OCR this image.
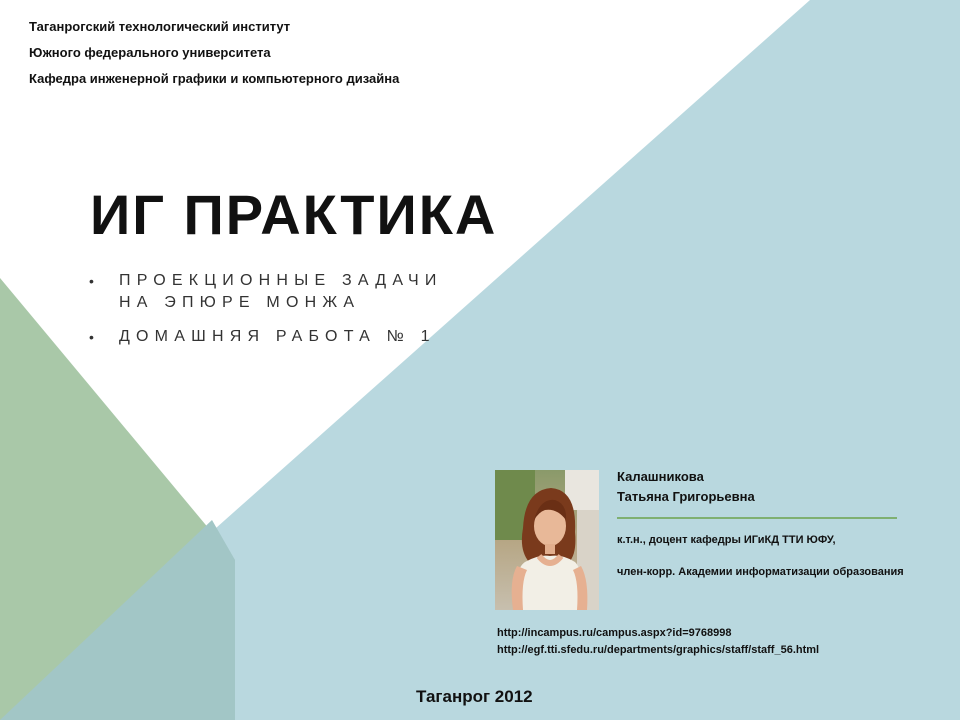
Таганрогский технологический институт
Южного федерального университета
Кафедра инженерной графики и компьютерного дизайна
ИГ ПРАКТИКА
• ПРОЕКЦИОННЫЕ ЗАДАЧИ НА ЭПЮРЕ МОНЖА
• ДОМАШНЯЯ РАБОТА № 1
Калашникова
Татьяна Григорьевна
к.т.н., доцент кафедры ИГиКД ТТИ ЮФУ,
член-корр. Академии информатизации образования
http://incampus.ru/campus.aspx?id=9768998
http://egf.tti.sfedu.ru/departments/graphics/staff/staff_56.html
Таганрог 2012
